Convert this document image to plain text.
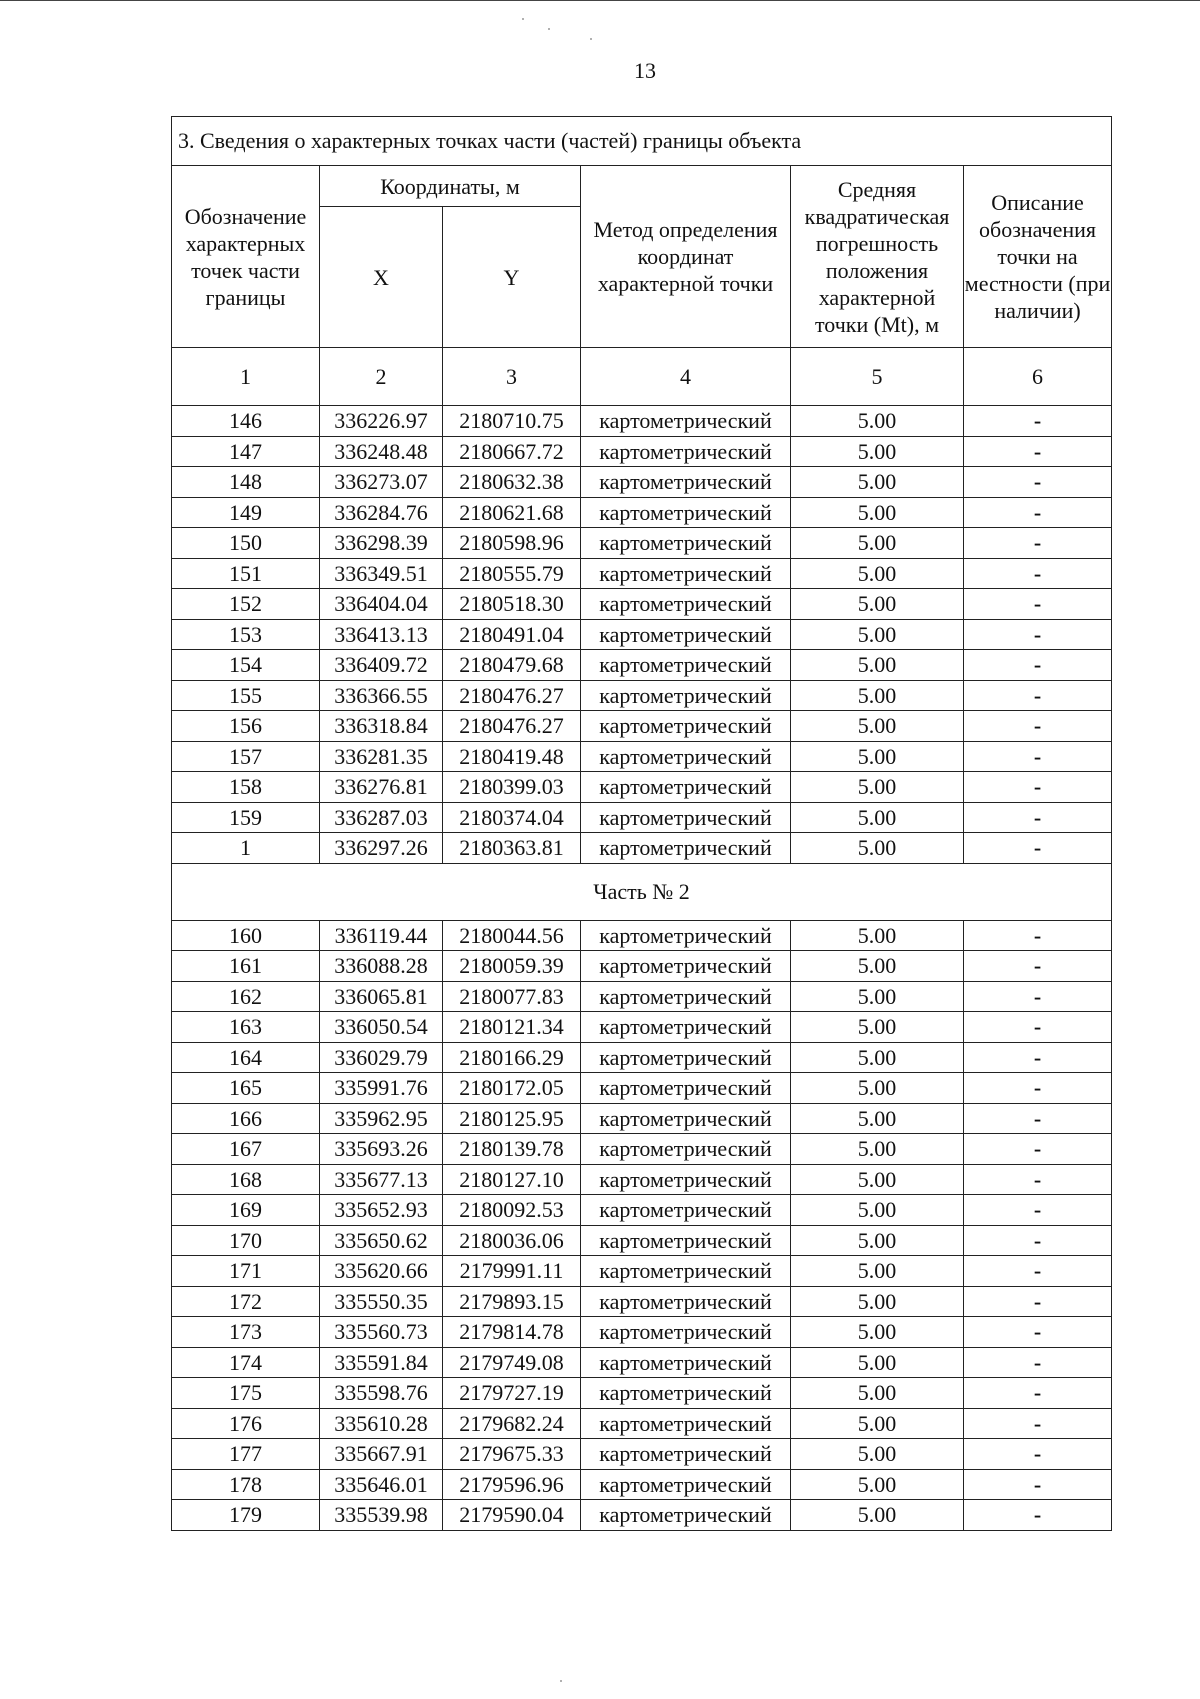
13
3. Сведения о характерных точках части (частей) границы объекта					
Обозначение характерных точек части границы	Координаты, м		Метод определения координат характерной точки	Средняя квадратическая погрешность положения характерной точки (Mt), м	Описание обозначения точки на местности (при наличии)
	X	Y			
1	2	3	4	5	6
146	336226.97	2180710.75	картометрический	5.00	-
147	336248.48	2180667.72	картометрический	5.00	-
148	336273.07	2180632.38	картометрический	5.00	-
149	336284.76	2180621.68	картометрический	5.00	-
150	336298.39	2180598.96	картометрический	5.00	-
151	336349.51	2180555.79	картометрический	5.00	-
152	336404.04	2180518.30	картометрический	5.00	-
153	336413.13	2180491.04	картометрический	5.00	-
154	336409.72	2180479.68	картометрический	5.00	-
155	336366.55	2180476.27	картометрический	5.00	-
156	336318.84	2180476.27	картометрический	5.00	-
157	336281.35	2180419.48	картометрический	5.00	-
158	336276.81	2180399.03	картометрический	5.00	-
159	336287.03	2180374.04	картометрический	5.00	-
1	336297.26	2180363.81	картометрический	5.00	-
Часть № 2					
160	336119.44	2180044.56	картометрический	5.00	-
161	336088.28	2180059.39	картометрический	5.00	-
162	336065.81	2180077.83	картометрический	5.00	-
163	336050.54	2180121.34	картометрический	5.00	-
164	336029.79	2180166.29	картометрический	5.00	-
165	335991.76	2180172.05	картометрический	5.00	-
166	335962.95	2180125.95	картометрический	5.00	-
167	335693.26	2180139.78	картометрический	5.00	-
168	335677.13	2180127.10	картометрический	5.00	-
169	335652.93	2180092.53	картометрический	5.00	-
170	335650.62	2180036.06	картометрический	5.00	-
171	335620.66	2179991.11	картометрический	5.00	-
172	335550.35	2179893.15	картометрический	5.00	-
173	335560.73	2179814.78	картометрический	5.00	-
174	335591.84	2179749.08	картометрический	5.00	-
175	335598.76	2179727.19	картометрический	5.00	-
176	335610.28	2179682.24	картометрический	5.00	-
177	335667.91	2179675.33	картометрический	5.00	-
178	335646.01	2179596.96	картометрический	5.00	-
179	335539.98	2179590.04	картометрический	5.00	-
